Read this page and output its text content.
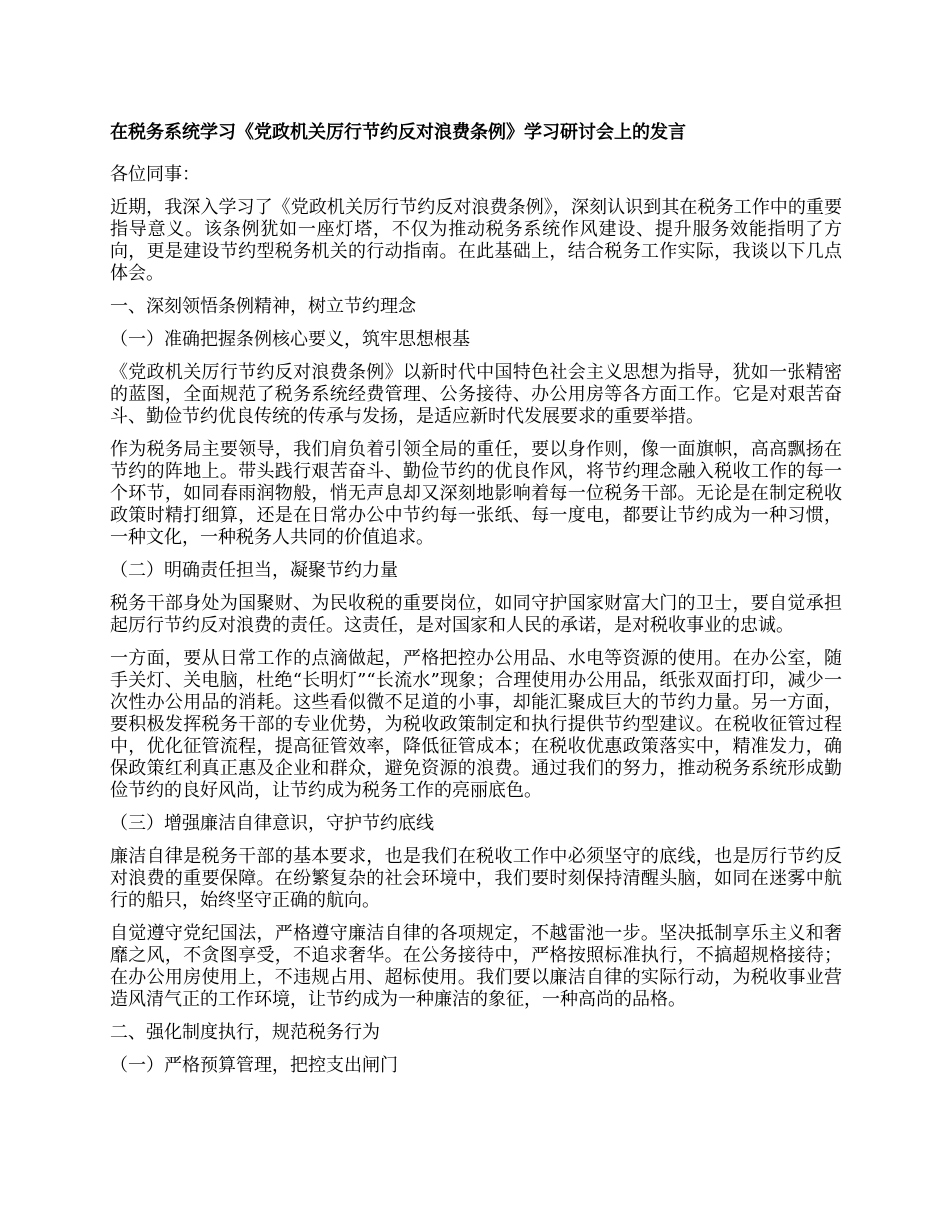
在税务系统学习《党政机关厉行节约反对浪费条例》学习研讨会上的发言

各位同事：

近期，我深入学习了《党政机关厉行节约反对浪费条例》，深刻认识到其在税务工作中的重要指导意义。该条例犹如一座灯塔，不仅为推动税务系统作风建设、提升服务效能指明了方向，更是建设节约型税务机关的行动指南。在此基础上，结合税务工作实际，我谈以下几点体会。

一、深刻领悟条例精神，树立节约理念

（一）准确把握条例核心要义，筑牢思想根基

《党政机关厉行节约反对浪费条例》以新时代中国特色社会主义思想为指导，犹如一张精密的蓝图，全面规范了税务系统经费管理、公务接待、办公用房等各方面工作。它是对艰苦奋斗、勤俭节约优良传统的传承与发扬，是适应新时代发展要求的重要举措。

作为税务局主要领导，我们肩负着引领全局的重任，要以身作则，像一面旗帜，高高飘扬在节约的阵地上。带头践行艰苦奋斗、勤俭节约的优良作风，将节约理念融入税收工作的每一个环节，如同春雨润物般，悄无声息却又深刻地影响着每一位税务干部。无论是在制定税收政策时精打细算，还是在日常办公中节约每一张纸、每一度电，都要让节约成为一种习惯，一种文化，一种税务人共同的价值追求。

（二）明确责任担当，凝聚节约力量

税务干部身处为国聚财、为民收税的重要岗位，如同守护国家财富大门的卫士，要自觉承担起厉行节约反对浪费的责任。这责任，是对国家和人民的承诺，是对税收事业的忠诚。

一方面，要从日常工作的点滴做起，严格把控办公用品、水电等资源的使用。在办公室，随手关灯、关电脑，杜绝“长明灯”“长流水”现象；合理使用办公用品，纸张双面打印，减少一次性办公用品的消耗。这些看似微不足道的小事，却能汇聚成巨大的节约力量。另一方面，要积极发挥税务干部的专业优势，为税收政策制定和执行提供节约型建议。在税收征管过程中，优化征管流程，提高征管效率，降低征管成本；在税收优惠政策落实中，精准发力，确保政策红利真正惠及企业和群众，避免资源的浪费。通过我们的努力，推动税务系统形成勤俭节约的良好风尚，让节约成为税务工作的亮丽底色。

（三）增强廉洁自律意识，守护节约底线

廉洁自律是税务干部的基本要求，也是我们在税收工作中必须坚守的底线，也是厉行节约反对浪费的重要保障。在纷繁复杂的社会环境中，我们要时刻保持清醒头脑，如同在迷雾中航行的船只，始终坚守正确的航向。

自觉遵守党纪国法，严格遵守廉洁自律的各项规定，不越雷池一步。坚决抵制享乐主义和奢靡之风，不贪图享受，不追求奢华。在公务接待中，严格按照标准执行，不搞超规格接待；在办公用房使用上，不违规占用、超标使用。我们要以廉洁自律的实际行动，为税收事业营造风清气正的工作环境，让节约成为一种廉洁的象征，一种高尚的品格。

二、强化制度执行，规范税务行为

（一）严格预算管理，把控支出闸门
